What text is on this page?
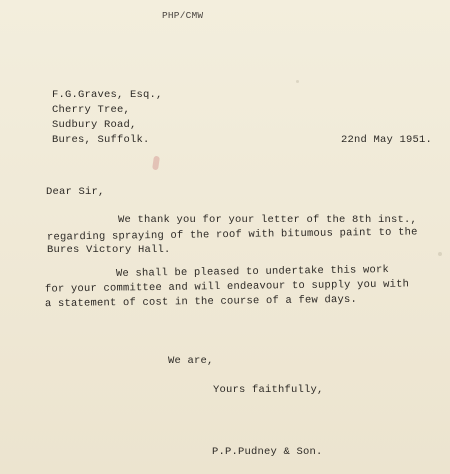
PHP/CMW
F.G.Graves, Esq.,
Cherry Tree,
Sudbury Road,
Bures, Suffolk.	22nd May 1951.
Dear Sir,
We thank you for your letter of the 8th inst.,
regarding spraying of the roof with bitumous paint to the
Bures Victory Hall.
We shall be pleased to undertake this work
for your committee and will endeavour to supply you with
a statement of cost in the course of a few days.
We are,
Yours faithfully,
P.P.Pudney & Son.
